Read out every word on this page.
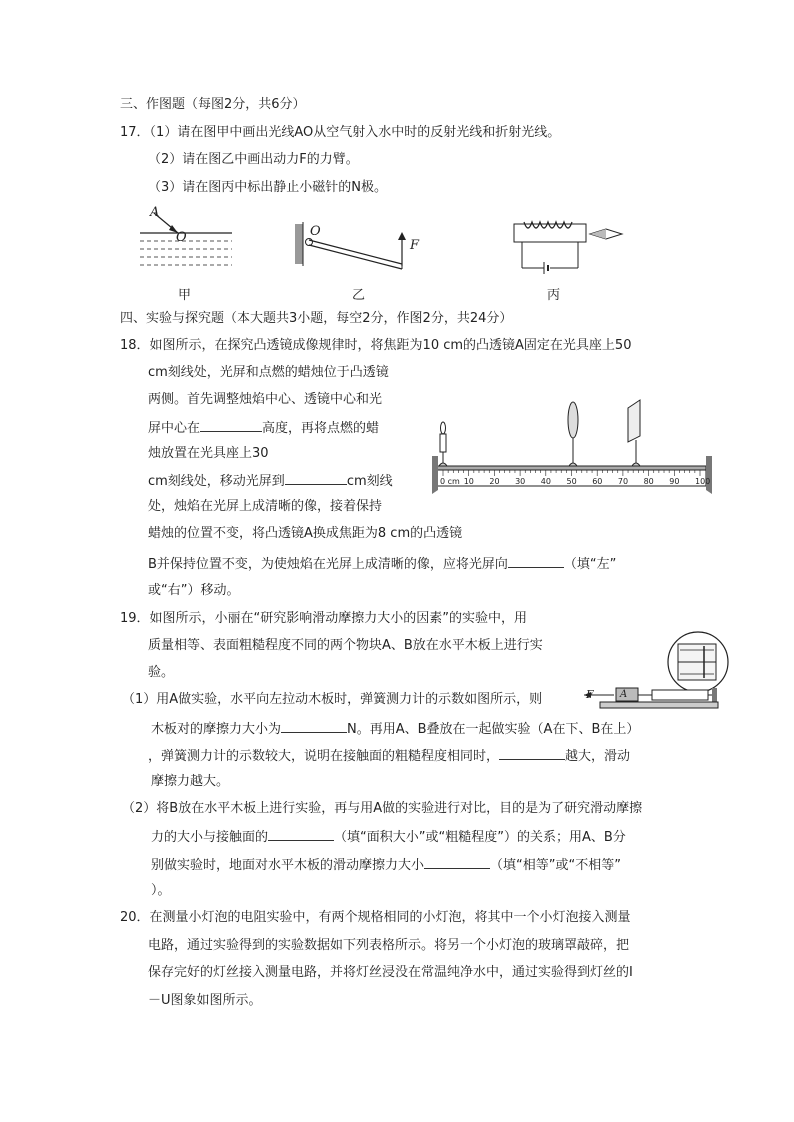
三、作图题（每图2分，共6分）
17．（1）请在图甲中画出光线AO从空气射入水中时的反射光线和折射光线。
（2）请在图乙中画出动力F的力臂。
（3）请在图丙中标出静止小磁针的N极。
A
O
甲
O
F
乙	丙
四、实验与探究题（本大题共3小题，每空2分，作图2分，共24分）
18．如图所示，在探究凸透镜成像规律时，将焦距为10 cm的凸透镜A固定在光具座上50
cm刻线处，光屏和点燃的蜡烛位于凸透镜
两侧。首先调整烛焰中心、透镜中心和光
屏中心在	高度，再将点燃的蜡
烛放置在光具座上30
cm刻线处，移动光屏到	cm刻线
处，烛焰在光屏上成清晰的像，接着保持
蜡烛的位置不变，将凸透镜A换成焦距为8 cm的凸透镜
B并保持位置不变，为使烛焰在光屏上成清晰的像，应将光屏向	（填“左”
或“右”）移动。
0 cm 10 20 30 40 50 60 70 80 90 100
19．如图所示，小丽在“研究影响滑动摩擦力大小的因素”的实验中，用
质量相等、表面粗糙程度不同的两个物块A、B放在水平木板上进行实
验。
（1）用A做实验，水平向左拉动木板时，弹簧测力计的示数如图所示，则
木板对的摩擦力大小为	N。再用A、B叠放在一起做实验（A在下、B在上）
，弹簧测力计的示数较大，说明在接触面的粗糙程度相同时，	越大，滑动
摩擦力越大。
（2）将B放在水平木板上进行实验，再与用A做的实验进行对比，目的是为了研究滑动摩擦
力的大小与接触面的	（填“面积大小”或“粗糙程度”）的关系；用A、B分
别做实验时，地面对水平木板的滑动摩擦力大小	（填“相等”或“不相等”
）。
F	A
20．在测量小灯泡的电阻实验中，有两个规格相同的小灯泡，将其中一个小灯泡接入测量
电路，通过实验得到的实验数据如下列表格所示。将另一个小灯泡的玻璃罩敲碎，把
保存完好的灯丝接入测量电路，并将灯丝浸没在常温纯净水中，通过实验得到灯丝的I
－U图象如图所示。
